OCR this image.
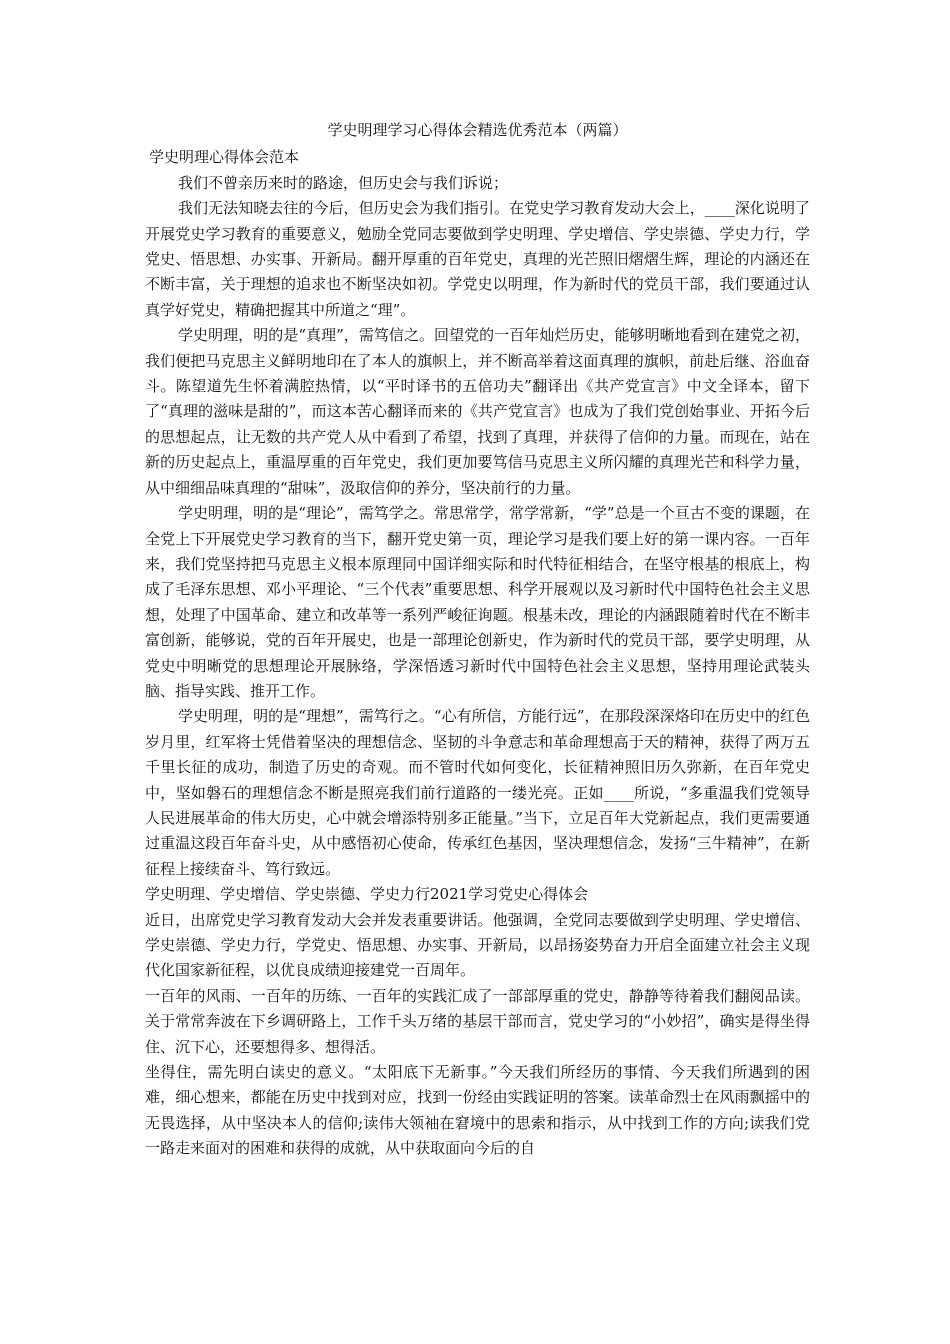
学史明理学习心得体会精选优秀范本（两篇）

学史明理心得体会范本

我们不曾亲历来时的路途，但历史会与我们诉说；

我们无法知晓去往的今后，但历史会为我们指引。在党史学习教育发动大会上，____深化说明了开展党史学习教育的重要意义，勉励全党同志要做到学史明理、学史增信、学史崇德、学史力行，学党史、悟思想、办实事、开新局。翻开厚重的百年党史，真理的光芒照旧熠熠生辉，理论的内涵还在不断丰富，关于理想的追求也不断坚决如初。学党史以明理，作为新时代的党员干部，我们要通过认真学好党史，精确把握其中所道之“理”。

学史明理，明的是“真理”，需笃信之。回望党的一百年灿烂历史，能够明晰地看到在建党之初，我们便把马克思主义鲜明地印在了本人的旗帜上，并不断高举着这面真理的旗帜，前赴后继、浴血奋斗。陈望道先生怀着满腔热情，以“平时译书的五倍功夫”翻译出《共产党宣言》中文全译本，留下了“真理的滋味是甜的”，而这本苦心翻译而来的《共产党宣言》也成为了我们党创始事业、开拓今后的思想起点，让无数的共产党人从中看到了希望，找到了真理，并获得了信仰的力量。而现在，站在新的历史起点上，重温厚重的百年党史，我们更加要笃信马克思主义所闪耀的真理光芒和科学力量，从中细细品味真理的“甜味”，汲取信仰的养分，坚决前行的力量。

学史明理，明的是“理论”，需笃学之。常思常学，常学常新，“学”总是一个亘古不变的课题，在全党上下开展党史学习教育的当下，翻开党史第一页，理论学习是我们要上好的第一课内容。一百年来，我们党坚持把马克思主义根本原理同中国详细实际和时代特征相结合，在坚守根基的根底上，构成了毛泽东思想、邓小平理论、“三个代表”重要思想、科学开展观以及习新时代中国特色社会主义思想，处理了中国革命、建立和改革等一系列严峻征询题。根基未改，理论的内涵跟随着时代在不断丰富创新，能够说，党的百年开展史，也是一部理论创新史，作为新时代的党员干部，要学史明理，从党史中明晰党的思想理论开展脉络，学深悟透习新时代中国特色社会主义思想，坚持用理论武装头脑、指导实践、推开工作。

学史明理，明的是“理想”，需笃行之。“心有所信，方能行远”，在那段深深烙印在历史中的红色岁月里，红军将士凭借着坚决的理想信念、坚韧的斗争意志和革命理想高于天的精神，获得了两万五千里长征的成功，制造了历史的奇观。而不管时代如何变化，长征精神照旧历久弥新，在百年党史中，坚如磐石的理想信念不断是照亮我们前行道路的一缕光亮。正如____所说，“多重温我们党领导人民进展革命的伟大历史，心中就会增添特别多正能量。”当下，立足百年大党新起点，我们更需要通过重温这段百年奋斗史，从中感悟初心使命，传承红色基因，坚决理想信念，发扬“三牛精神”，在新征程上接续奋斗、笃行致远。

学史明理、学史增信、学史崇德、学史力行2021学习党史心得体会

近日，出席党史学习教育发动大会并发表重要讲话。他强调，全党同志要做到学史明理、学史增信、学史崇德、学史力行，学党史、悟思想、办实事、开新局，以昂扬姿势奋力开启全面建立社会主义现代化国家新征程，以优良成绩迎接建党一百周年。

一百年的风雨、一百年的历练、一百年的实践汇成了一部部厚重的党史，静静等待着我们翻阅品读。关于常常奔波在下乡调研路上，工作千头万绪的基层干部而言，党史学习的“小妙招”，确实是得坐得住、沉下心，还要想得多、想得活。

坐得住，需先明白读史的意义。“太阳底下无新事。”今天我们所经历的事情、今天我们所遇到的困难，细心想来，都能在历史中找到对应，找到一份经由实践证明的答案。读革命烈士在风雨飘摇中的无畏选择，从中坚决本人的信仰;读伟大领袖在窘境中的思索和指示，从中找到工作的方向;读我们党一路走来面对的困难和获得的成就，从中获取面向今后的自
